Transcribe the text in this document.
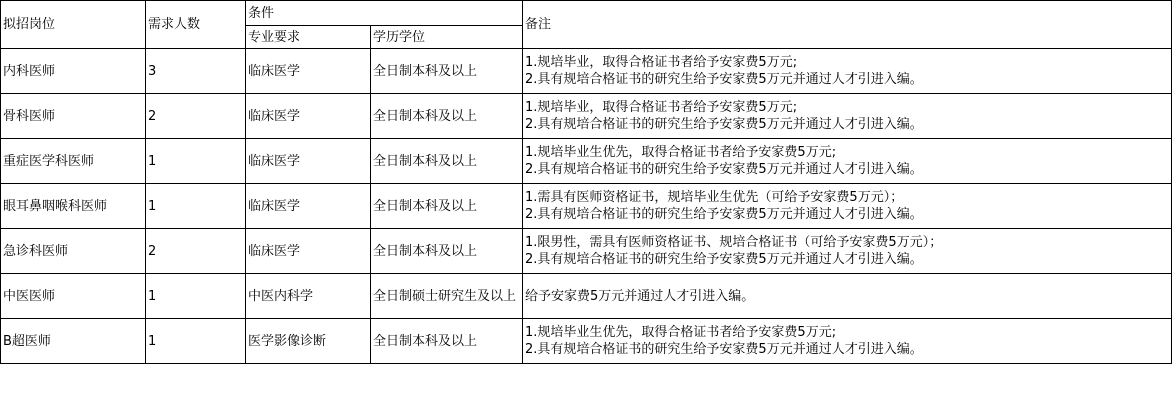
拟招岗位	需求人数	条件		备注
		专业要求	学历学位	
内科医师	3	临床医学	全日制本科及以上	1.规培毕业，取得合格证书者给予安家费5万元;
2.具有规培合格证书的研究生给予安家费5万元并通过人才引进入编。

骨科医师	2	临床医学	全日制本科及以上	1.规培毕业，取得合格证书者给予安家费5万元;
2.具有规培合格证书的研究生给予安家费5万元并通过人才引进入编。

重症医学科医师	1	临床医学	全日制本科及以上	1.规培毕业生优先，取得合格证书者给予安家费5万元;
2.具有规培合格证书的研究生给予安家费5万元并通过人才引进入编。

眼耳鼻咽喉科医师	1	临床医学	全日制本科及以上	1.需具有医师资格证书，规培毕业生优先（可给予安家费5万元）；
2.具有规培合格证书的研究生给予安家费5万元并通过人才引进入编。

急诊科医师	2	临床医学	全日制本科及以上	1.限男性，需具有医师资格证书、规培合格证书（可给予安家费5万元）；
2.具有规培合格证书的研究生给予安家费5万元并通过人才引进入编。

中医医师	1	中医内科学	全日制硕士研究生及以上	给予安家费5万元并通过人才引进入编。

B超医师	1	医学影像诊断	全日制本科及以上	1.规培毕业生优先，取得合格证书者给予安家费5万元;
2.具有规培合格证书的研究生给予安家费5万元并通过人才引进入编。
